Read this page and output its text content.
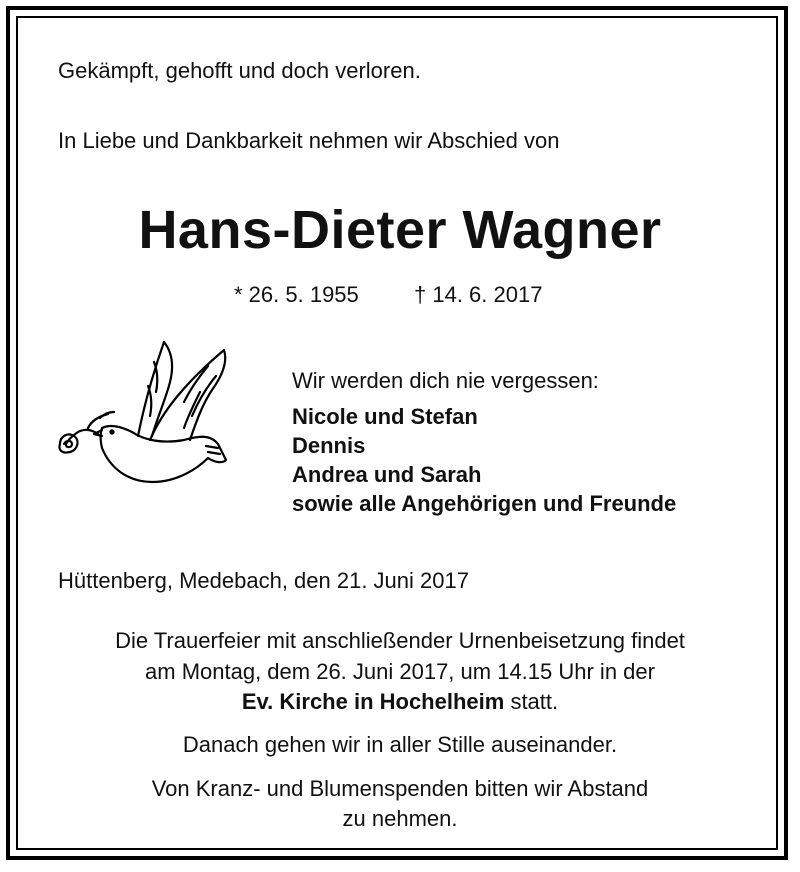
Gekämpft, gehofft und doch verloren.
In Liebe und Dankbarkeit nehmen wir Abschied von
Hans-Dieter Wagner
* 26. 5. 1955	† 14. 6. 2017
Wir werden dich nie vergessen:
Nicole und Stefan
Dennis
Andrea und Sarah
sowie alle Angehörigen und Freunde
Hüttenberg, Medebach, den 21. Juni 2017
Die Trauerfeier mit anschließender Urnenbeisetzung findet
am Montag, dem 26. Juni 2017, um 14.15 Uhr in der
Ev. Kirche in Hochelheim statt.
Danach gehen wir in aller Stille auseinander.
Von Kranz- und Blumenspenden bitten wir Abstand
zu nehmen.
